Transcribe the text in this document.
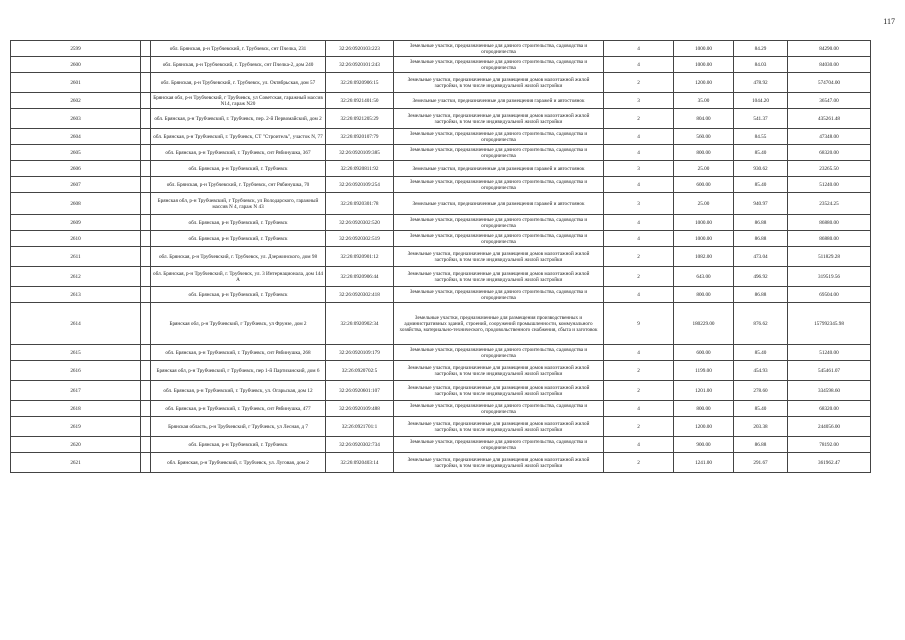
117
2599		обл. Брянская, р-н Трубчевский, г. Трубчевск, снт Пчелка, 231	32:26:0920103:223	Земельные участки, предназначенные для дачного строительства, садоводства и огородничества	4	1000.00	84.29	84290.00
2600		обл. Брянская, р-н Трубчевский, г. Трубчевск, снт Пчелка-2, дом 240	32:26:0920101:243	Земельные участки, предназначенные для дачного строительства, садоводства и огородничества	4	1000.00	84.03	84030.00
2601		обл. Брянская, р-н Трубчевский, г. Трубчевск, ул. Октябрьская, дом 57	32:26:0920906:15	Земельные участки, предназначенные для размещения домов малоэтажной жилой застройки, в том числе индивидуальной жилой застройки	2	1200.00	478.92	574704.00
2602		Брянская обл, р-н Трубчевский, г Трубчевск, ул Советская, гаражный массив N14, гараж N20	32:26:0921401:50	Земельные участки, предназначенные для размещения гаражей и автостоянок	3	35.00	1044.20	36547.00
2603		обл. Брянская, р-н Трубчевский, г. Трубчевск, пер. 2-й Первомайский, дом 2	32:26:0921205:29	Земельные участки, предназначенные для размещения домов малоэтажной жилой застройки, в том числе индивидуальной жилой застройки	2	804.00	541.37	435261.48
2604		обл. Брянская, р-н Трубчевский, г. Трубчевск, СТ "Строитель", участок N, 77	32:26:0920107:79	Земельные участки, предназначенные для дачного строительства, садоводства и огородничества	4	560.00	84.55	47348.00
2605		обл. Брянская, р-н Трубчевский, г. Трубчевск, снт Рябинушка, 367	32:26:0920109:385	Земельные участки, предназначенные для дачного строительства, садоводства и огородничества	4	800.00	85.40	68320.00
2606		обл. Брянская, р-н Трубчевский, г. Трубчевск	32:26:0920811:92	Земельные участки, предназначенные для размещения гаражей и автостоянок	3	25.00	930.62	23265.50
2607		обл. Брянская, р-н Трубчевский, г. Трубчевск, снт Рябинушка, 70	32:26:0920109:254	Земельные участки, предназначенные для дачного строительства, садоводства и огородничества	4	600.00	85.40	51240.00
2608		Брянская обл, р-н Трубчевский, г Трубчевск, ул Володарского, гаражный массив N 4, гараж N 43	32:26:0920301:78	Земельные участки, предназначенные для размещения гаражей и автостоянок	3	25.00	940.97	23524.25
2609		обл. Брянская, р-н Трубчевский, г. Трубчевск	32:26:0920302:520	Земельные участки, предназначенные для дачного строительства, садоводства и огородничества	4	1000.00	86.88	86880.00
2610		обл. Брянская, р-н Трубчевский, г. Трубчевск	32:26:0920302:519	Земельные участки, предназначенные для дачного строительства, садоводства и огородничества	4	1000.00	86.88	86880.00
2611		обл. Брянская, р-н Трубчевский, г. Трубчевск, ул. Дзержинского, дом 98	32:26:0920901:12	Земельные участки, предназначенные для размещения домов малоэтажной жилой застройки, в том числе индивидуальной жилой застройки	2	1082.00	473.04	511829.28
2612		обл. Брянская, р-н Трубчевский, г. Трубчевск, ул. 3 Интернационала, дом 144 А	32:26:0920906:44	Земельные участки, предназначенные для размещения домов малоэтажной жилой застройки, в том числе индивидуальной жилой застройки	2	643.00	496.92	319519.56
2613		обл. Брянская, р-н Трубчевский, г. Трубчевск	32:26:0920302:418	Земельные участки, предназначенные для дачного строительства, садоводства и огородничества	4	800.00	86.88	69504.00
2614		Брянская обл, р-н Трубчевский, г Трубчевск, ул Фрунзе, дом 2	32:26:0920902:34	Земельные участки, предназначенные для размещения производственных и административных зданий, строений, сооружений промышленности, коммунального хозяйства, материально-технического, продовольственного снабжения, сбыта и заготовок	9	180229.00	876.62	157992345.98
2615		обл. Брянская, р-н Трубчевский, г. Трубчевск, снт Рябинушка, 268	32:26:0920109:179	Земельные участки, предназначенные для дачного строительства, садоводства и огородничества	4	600.00	85.40	51240.00
2616		Брянская обл, р-н Трубчевский, г Трубчевск, пер 1-й Партизанский, дом 6	32:26:0920702:5	Земельные участки, предназначенные для размещения домов малоэтажной жилой застройки, в том числе индивидуальной жилой застройки	2	1199.00	454.93	545461.07
2617		обл. Брянская, р-н Трубчевский, г. Трубчевск, ул. Огарьская, дом 12	32:26:0920601:107	Земельные участки, предназначенные для размещения домов малоэтажной жилой застройки, в том числе индивидуальной жилой застройки	2	1201.00	278.60	334598.60
2618		обл. Брянская, р-н Трубчевский, г. Трубчевск, снт Рябинушка, 477	32:26:0920109:488	Земельные участки, предназначенные для дачного строительства, садоводства и огородничества	4	800.00	85.40	68320.00
2619		Брянская область, р-н Трубчевский, г Трубчевск, ул Лесная, д 7	32:26:0921701:1	Земельные участки, предназначенные для размещения домов малоэтажной жилой застройки, в том числе индивидуальной жилой застройки	2	1200.00	203.38	244056.00
2620		обл. Брянская, р-н Трубчевский, г. Трубчевск	32:26:0920302:734	Земельные участки, предназначенные для дачного строительства, садоводства и огородничества	4	900.00	86.88	78192.00
2621		обл. Брянская, р-н Трубчевский, г. Трубчевск, ул. Луговая, дом 2	32:26:0920403:14	Земельные участки, предназначенные для размещения домов малоэтажной жилой застройки, в том числе индивидуальной жилой застройки	2	1241.00	291.67	361962.47
